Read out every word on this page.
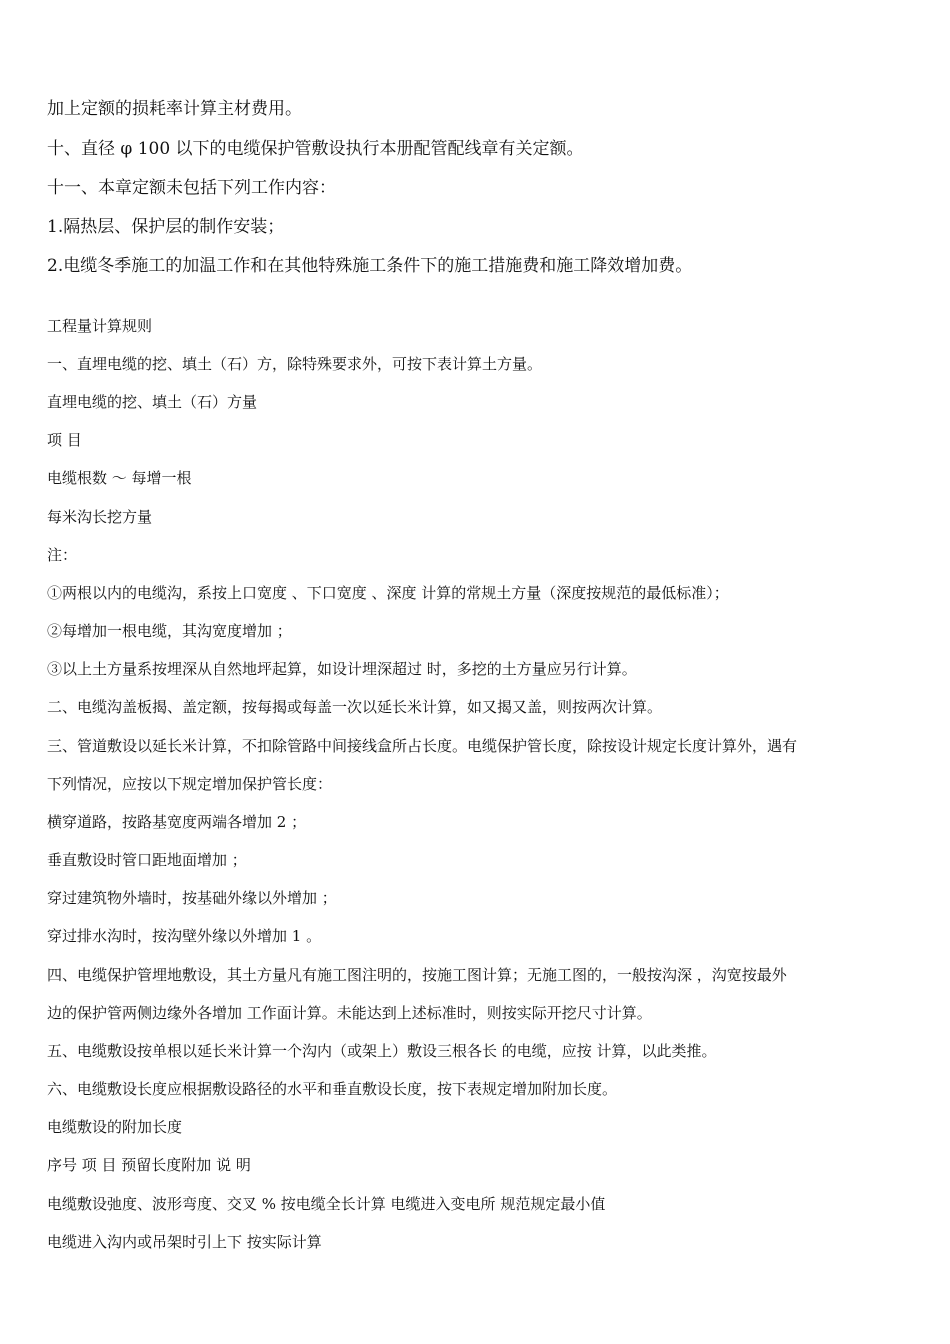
加上定额的损耗率计算主材费用。
十、直径 φ 100 以下的电缆保护管敷设执行本册配管配线章有关定额。
十一、本章定额未包括下列工作内容：
1.隔热层、保护层的制作安装；
2.电缆冬季施工的加温工作和在其他特殊施工条件下的施工措施费和施工降效增加费。
工程量计算规则
一、直埋电缆的挖、填土（石）方，除特殊要求外，可按下表计算土方量。
直埋电缆的挖、填土（石）方量
项 目
电缆根数 ～ 每增一根
每米沟长挖方量
注：
①两根以内的电缆沟，系按上口宽度 、下口宽度 、深度 计算的常规土方量（深度按规范的最低标准）；
②每增加一根电缆，其沟宽度增加 ；
③以上土方量系按埋深从自然地坪起算，如设计埋深超过 时，多挖的土方量应另行计算。
二、电缆沟盖板揭、盖定额，按每揭或每盖一次以延长米计算，如又揭又盖，则按两次计算。
三、管道敷设以延长米计算，不扣除管路中间接线盒所占长度。电缆保护管长度，除按设计规定长度计算外，遇有
下列情况，应按以下规定增加保护管长度：
横穿道路，按路基宽度两端各增加 2 ；
垂直敷设时管口距地面增加 ；
穿过建筑物外墙时，按基础外缘以外增加 ；
穿过排水沟时，按沟壁外缘以外增加 1 。
四、电缆保护管埋地敷设，其土方量凡有施工图注明的，按施工图计算；无施工图的，一般按沟深 ，沟宽按最外
边的保护管两侧边缘外各增加 工作面计算。未能达到上述标准时，则按实际开挖尺寸计算。
五、电缆敷设按单根以延长米计算一个沟内（或架上）敷设三根各长 的电缆，应按 计算，以此类推。
六、电缆敷设长度应根据敷设路径的水平和垂直敷设长度，按下表规定增加附加长度。
电缆敷设的附加长度
序号 项 目 预留长度附加 说 明
电缆敷设弛度、波形弯度、交叉 % 按电缆全长计算 电缆进入变电所 规范规定最小值
电缆进入沟内或吊架时引上下 按实际计算
